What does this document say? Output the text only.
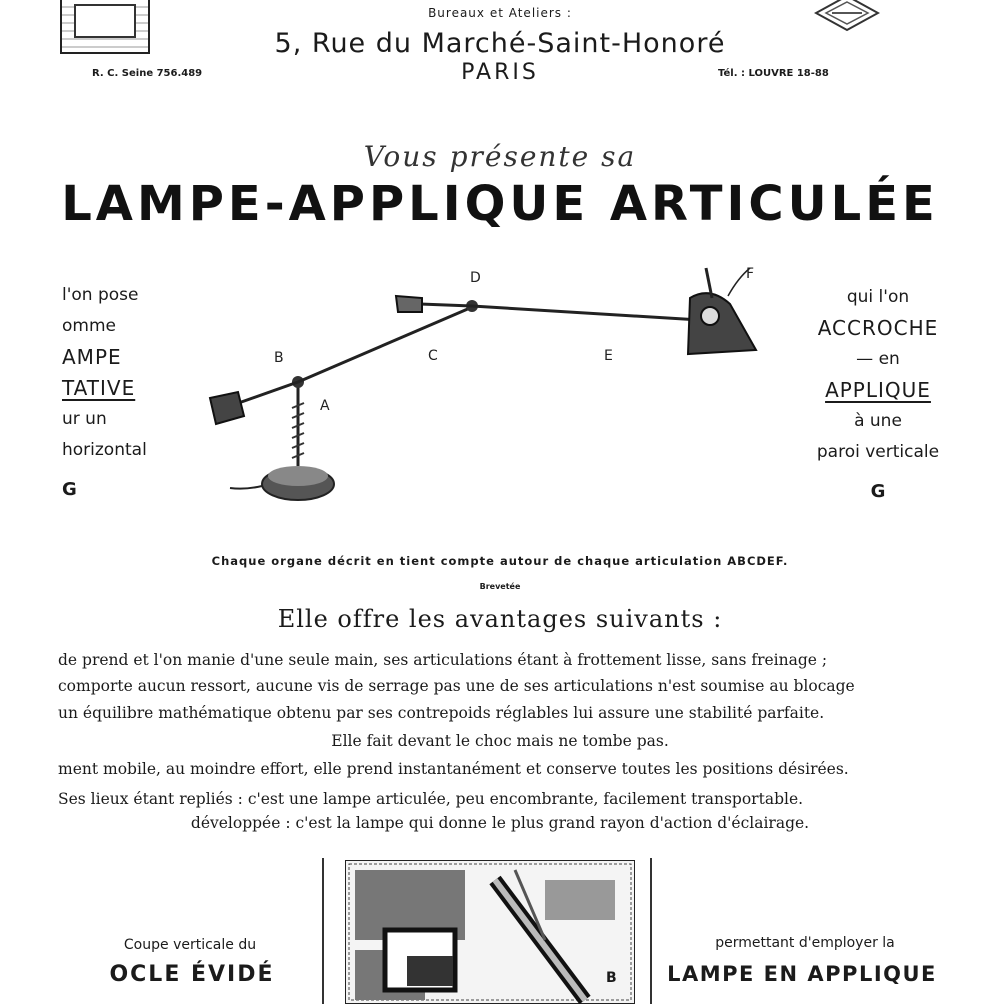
Bureaux et Ateliers :
5, Rue du Marché-Saint-Honoré
PARIS
R. C. Seine 756.489	Tél. : LOUVRE 18-88
Vous présente sa
LAMPE-APPLIQUE ARTICULÉE
l'on pose
omme
AMPE
TATIVE
ur un
horizontal
G
qui l'on
ACCROCHE
— en
APPLIQUE
à une
paroi verticale
G
B
A
C
D
E
F
Chaque organe décrit en tient compte autour de chaque articulation ABCDEF.
Brevetée
Elle offre les avantages suivants :
de prend et l'on manie d'une seule main, ses articulations étant à frottement lisse, sans freinage ;
comporte aucun ressort, aucune vis de serrage pas une de ses articulations n'est soumise au blocage
un équilibre mathématique obtenu par ses contrepoids réglables lui assure une stabilité parfaite.
Elle fait devant le choc mais ne tombe pas.
ment mobile, au moindre effort, elle prend instantanément et conserve toutes les positions désirées.
Ses lieux étant repliés : c'est une lampe articulée, peu encombrante, facilement transportable.
développée : c'est la lampe qui donne le plus grand rayon d'action d'éclairage.
Coupe verticale du
OCLE ÉVIDÉ
permettant d'employer la
LAMPE EN APPLIQUE
B
